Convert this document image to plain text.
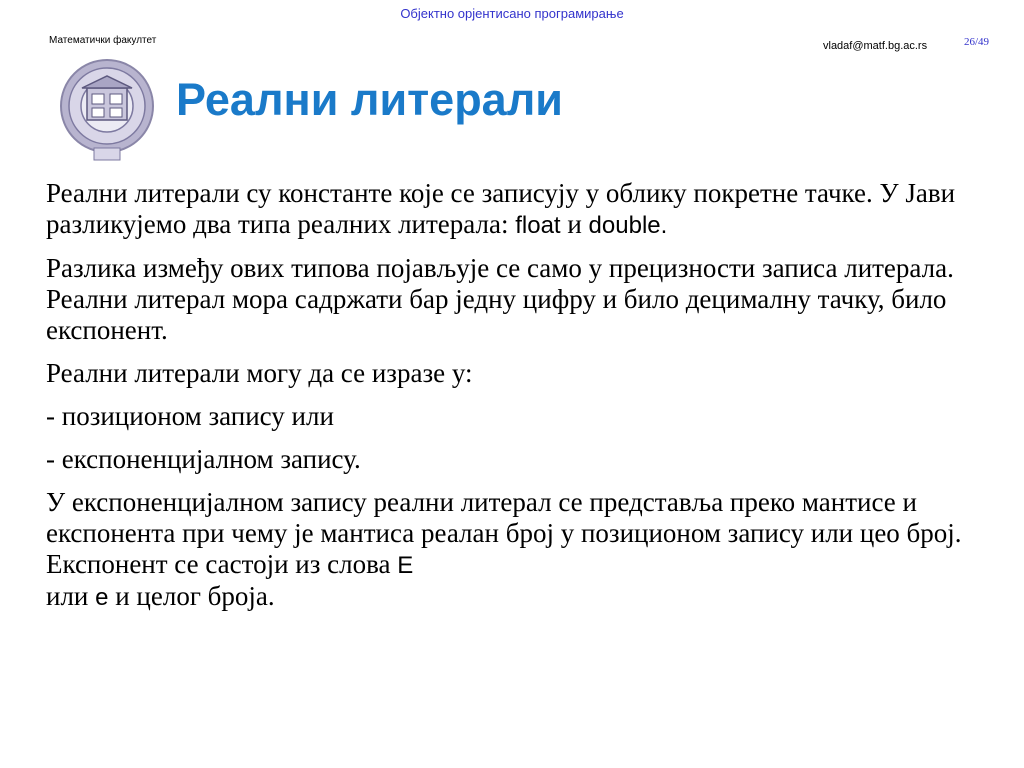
Објектно орјентисано програмирање
Математички факултет	vladaf@matf.bg.ac.rs	26/49
Реални литерали

Реални литерали су константе које се записују у облику покретне тачке. У Јави разликујемо два типа реалних литерала: float и double.

Разлика између ових типова појављује се само у прецизности записа литерала. Реални литерал мора садржати бар једну цифру и било децималну тачку, било експонент.

Реални литерали могу да се изразе у:

- позиционом запису или

- експоненцијалном запису.

У експоненцијалном запису реални литерал се представља преко мантисе и експонента при чему је мантиса реалан број у позиционом запису или цео број. Експонент се састоји из слова E
или e и целог броја.
